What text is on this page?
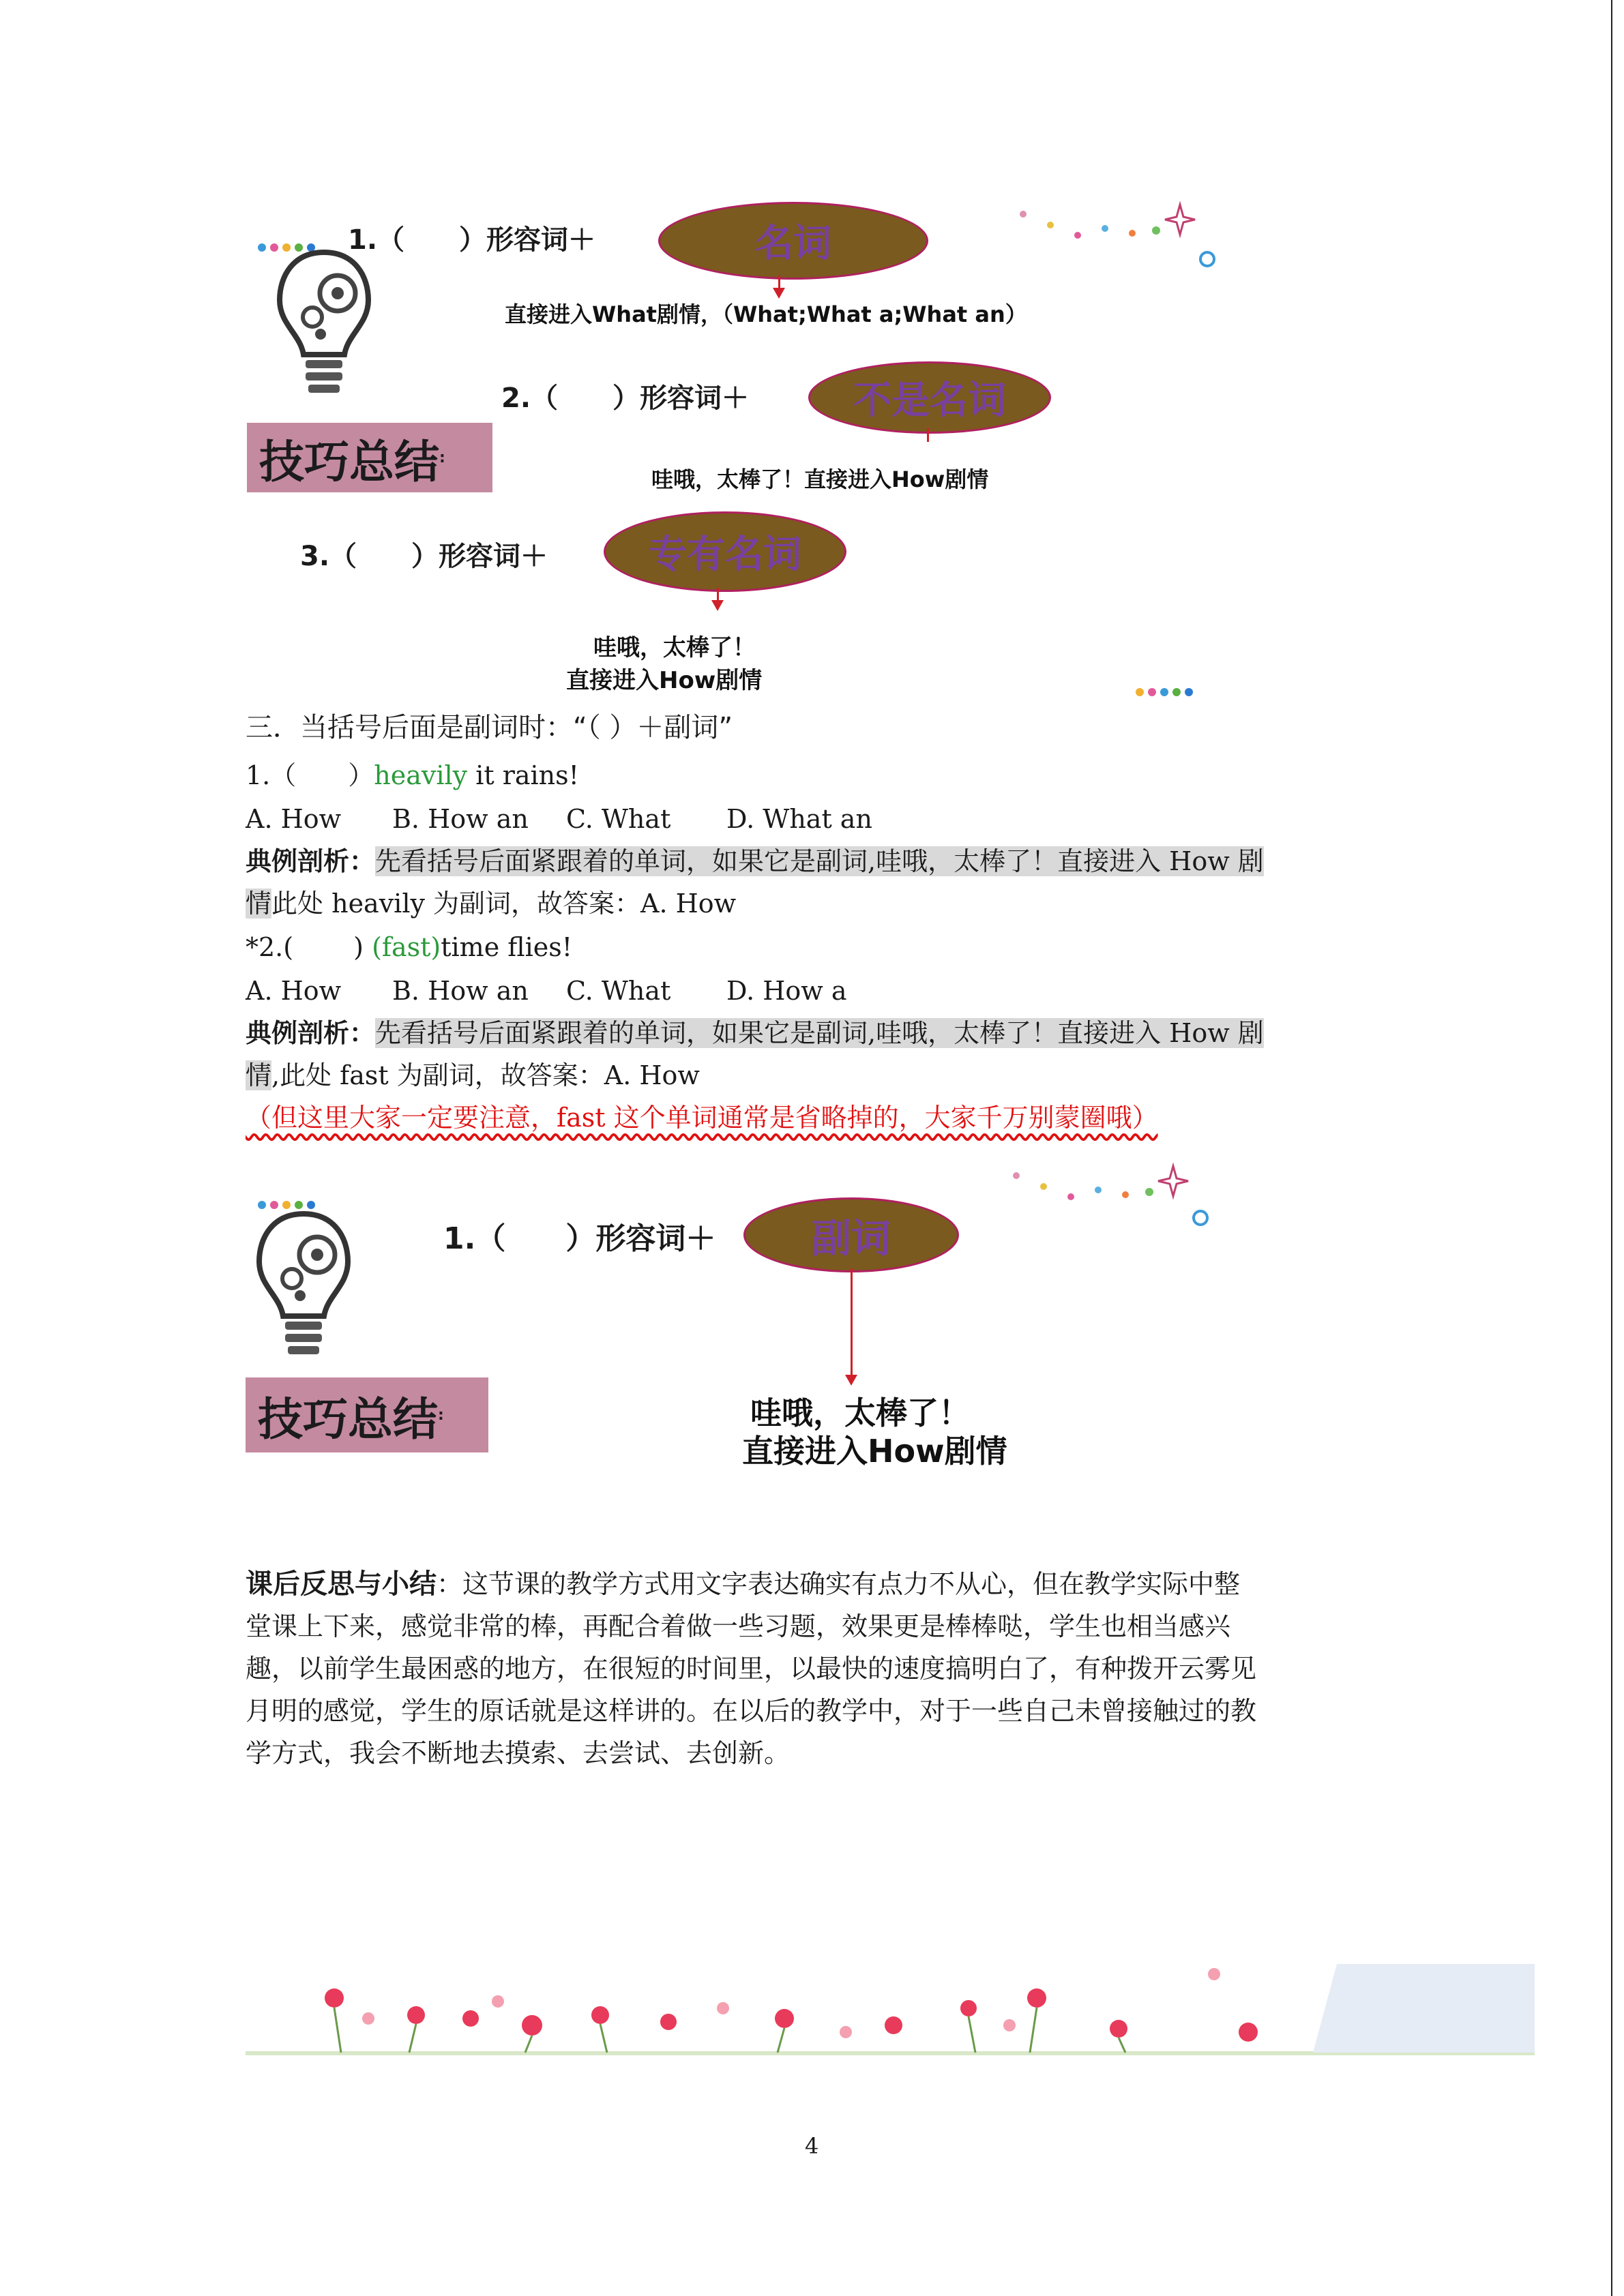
技巧总结 :
1.（　　）形容词＋	名词
直接进入What剧情，（What;What a;What an）
2.（　　）形容词＋	不是名词
哇哦，太棒了！直接进入How剧情
3.（　　）形容词＋	专有名词
哇哦，太棒了！
直接进入How剧情
三．当括号后面是副词时：“（ ）＋副词”
1.（　　）heavily it rains!
A. How B. How an C. What D. What an
典例剖析：先看括号后面紧跟着的单词，如果它是副词,哇哦，太棒了！直接进入 How 剧
情此处 heavily 为副词，故答案：A. How
*2.(　　 ) (fast)time flies!
A. How B. How an C. What D. How a
典例剖析：先看括号后面紧跟着的单词，如果它是副词,哇哦，太棒了！直接进入 How 剧
情,此处 fast 为副词，故答案：A. How
（但这里大家一定要注意，fast 这个单词通常是省略掉的，大家千万别蒙圈哦）
技巧总结 :
1.（　　）形容词＋	副词
哇哦，太棒了！
直接进入How剧情
课后反思与小结：这节课的教学方式用文字表达确实有点力不从心，但在教学实际中整
堂课上下来，感觉非常的棒，再配合着做一些习题，效果更是棒棒哒，学生也相当感兴
趣，以前学生最困惑的地方，在很短的时间里，以最快的速度搞明白了，有种拨开云雾见
月明的感觉，学生的原话就是这样讲的。在以后的教学中，对于一些自己未曾接触过的教
学方式，我会不断地去摸索、去尝试、去创新。
4
